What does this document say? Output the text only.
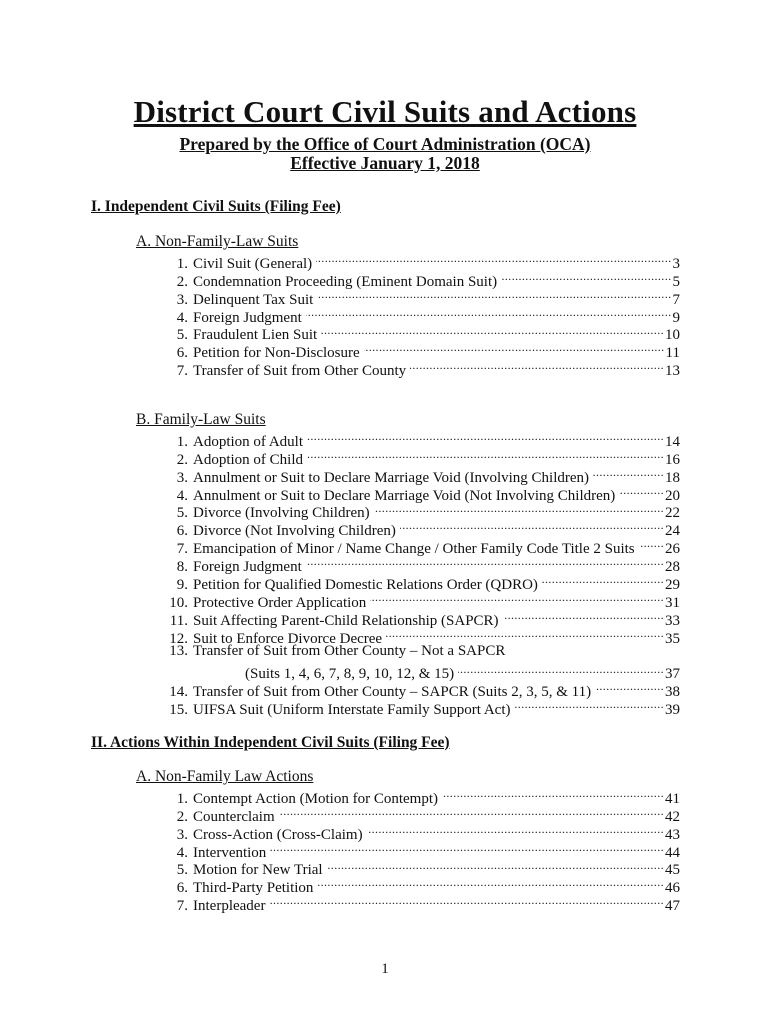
District Court Civil Suits and Actions
Prepared by the Office of Court Administration (OCA)
Effective January 1, 2018
I. Independent Civil Suits (Filing Fee)
A. Non-Family-Law Suits
1. Civil Suit (General) .....	3
2. Condemnation Proceeding (Eminent Domain Suit) .....	5
3. Delinquent Tax Suit .....	7
4. Foreign Judgment .....	9
5. Fraudulent Lien Suit .....	10
6. Petition for Non-Disclosure .....	11
7. Transfer of Suit from Other County .....	13
B. Family-Law Suits
1. Adoption of Adult .....	14
2. Adoption of Child .....	16
3. Annulment or Suit to Declare Marriage Void (Involving Children) .....	18
4. Annulment or Suit to Declare Marriage Void (Not Involving Children) .....	20
5. Divorce (Involving Children) .....	22
6. Divorce (Not Involving Children) .....	24
7. Emancipation of Minor / Name Change / Other Family Code Title 2 Suits ..... 26
8. Foreign Judgment .....	28
9. Petition for Qualified Domestic Relations Order (QDRO) .....	29
10. Protective Order Application .....	31
11. Suit Affecting Parent-Child Relationship (SAPCR) .....	33
12. Suit to Enforce Divorce Decree .....	35
13. Transfer of Suit from Other County – Not a SAPCR
(Suits 1, 4, 6, 7, 8, 9, 10, 12, & 15) .....	37
14. Transfer of Suit from Other County – SAPCR (Suits 2, 3, 5, & 11) .....	38
15. UIFSA Suit (Uniform Interstate Family Support Act) .....	39
II. Actions Within Independent Civil Suits (Filing Fee)
A. Non-Family Law Actions
1. Contempt Action (Motion for Contempt) .....	41
2. Counterclaim .....	42
3. Cross-Action (Cross-Claim) .....	43
4. Intervention .....	44
5. Motion for New Trial .....	45
6. Third-Party Petition .....	46
7. Interpleader .....	47
1
